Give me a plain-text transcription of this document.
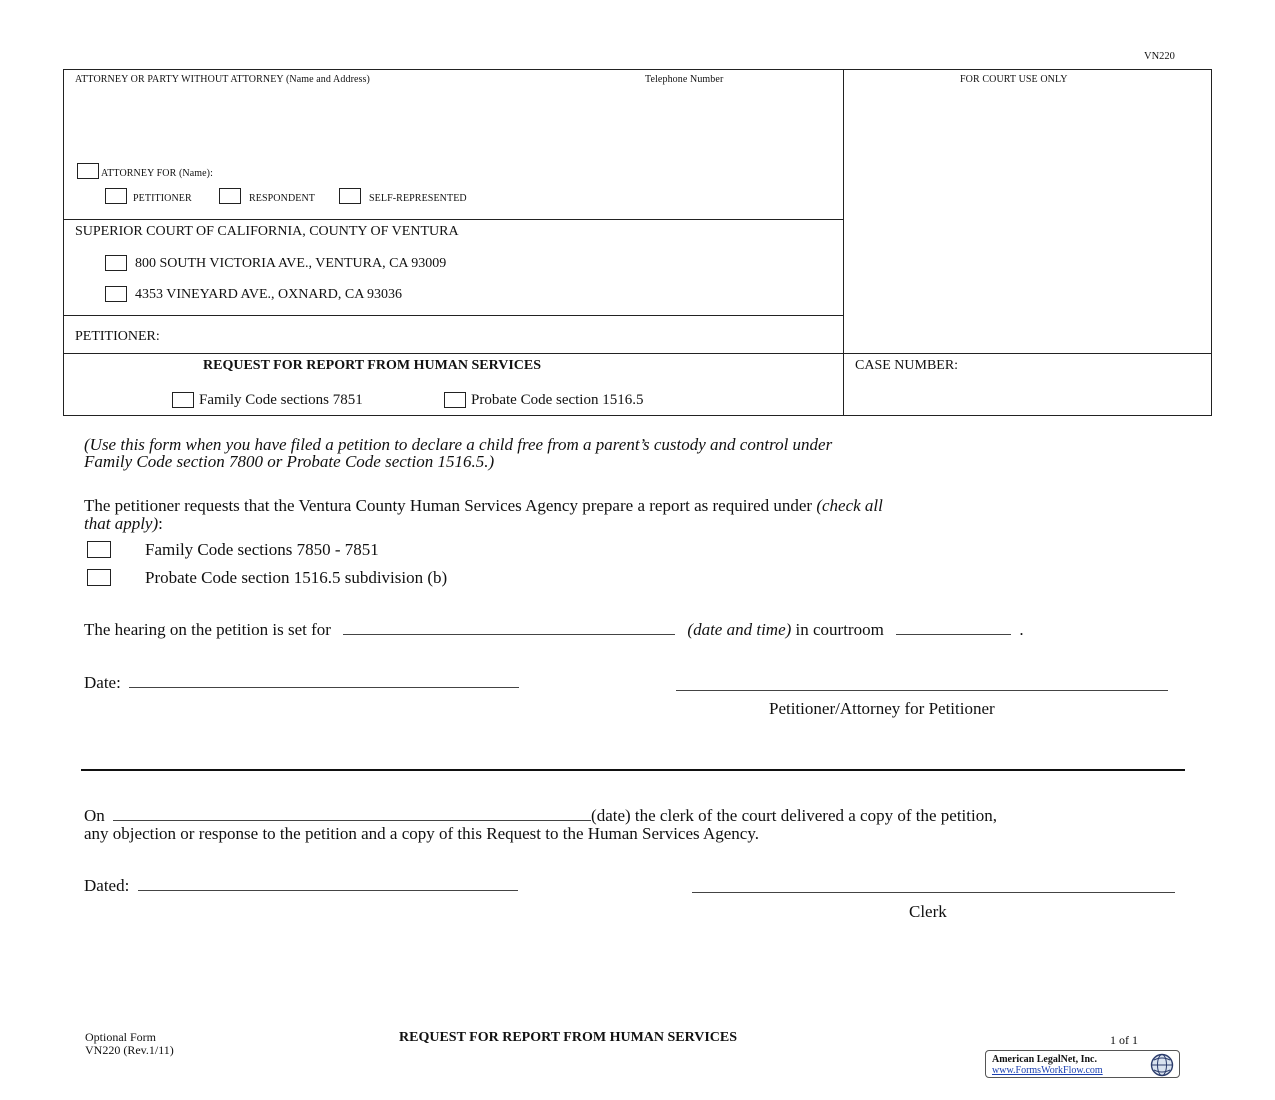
VN220
ATTORNEY OR PARTY WITHOUT ATTORNEY (Name and Address)	Telephone Number	FOR COURT USE ONLY
ATTORNEY FOR (Name):
PETITIONER	RESPONDENT	SELF-REPRESENTED
SUPERIOR COURT OF CALIFORNIA, COUNTY OF VENTURA
800 SOUTH VICTORIA AVE., VENTURA, CA 93009
4353 VINEYARD AVE., OXNARD, CA 93036
PETITIONER:
REQUEST FOR REPORT FROM HUMAN SERVICES
Family Code sections 7851	Probate Code section 1516.5
CASE NUMBER:
(Use this form when you have filed a petition to declare a child free from a parent’s custody and control under
Family Code section 7800 or Probate Code section 1516.5.)
The petitioner requests that the Ventura County Human Services Agency prepare a report as required under (check all
that apply):
Family Code sections 7850 - 7851
Probate Code section 1516.5 subdivision (b)
The hearing on the petition is set for	(date and time) in courtroom	.
Date:
Petitioner/Attorney for Petitioner
On	(date) the clerk of the court delivered a copy of the petition,
any objection or response to the petition and a copy of this Request to the Human Services Agency.
Dated:
Clerk
Optional Form
VN220 (Rev.1/11)
REQUEST FOR REPORT FROM HUMAN SERVICES	1 of 1
American LegalNet, Inc.
www.FormsWorkFlow.com
